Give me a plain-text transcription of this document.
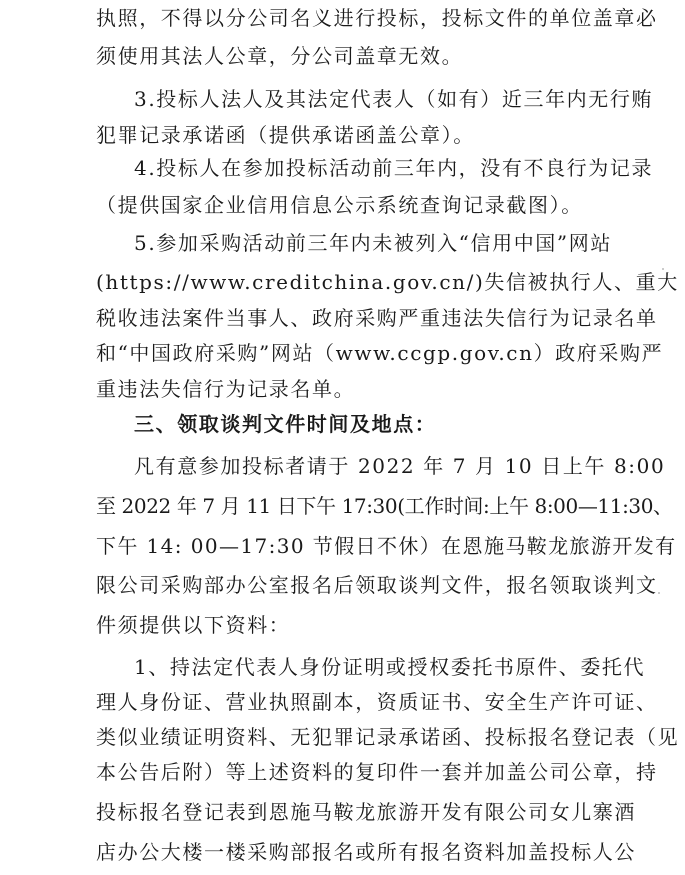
执照，不得以分公司名义进行投标，投标文件的单位盖章必
须使用其法人公章，分公司盖章无效。
3.投标人法人及其法定代表人（如有）近三年内无行贿
犯罪记录承诺函（提供承诺函盖公章）。
4.投标人在参加投标活动前三年内，没有不良行为记录
（提供国家企业信用信息公示系统查询记录截图）。
5.参加采购活动前三年内未被列入“信用中国”网站
(https://www.creditchina.gov.cn/)失信被执行人、重大
税收违法案件当事人、政府采购严重违法失信行为记录名单
和“中国政府采购”网站（www.ccgp.gov.cn）政府采购严
重违法失信行为记录名单。
三、领取谈判文件时间及地点：
凡有意参加投标者请于 2022 年 7 月 10 日上午 8:00
至 2022 年 7 月 11 日下午 17:30(工作时间:上午 8:00—11:30、
下午 14: 00—17:30 节假日不休）在恩施马鞍龙旅游开发有
限公司采购部办公室报名后领取谈判文件，报名领取谈判文
件须提供以下资料：
1、持法定代表人身份证明或授权委托书原件、委托代
理人身份证、营业执照副本，资质证书、安全生产许可证、
类似业绩证明资料、无犯罪记录承诺函、投标报名登记表（见
本公告后附）等上述资料的复印件一套并加盖公司公章，持
投标报名登记表到恩施马鞍龙旅游开发有限公司女儿寨酒
店办公大楼一楼采购部报名或所有报名资料加盖投标人公
